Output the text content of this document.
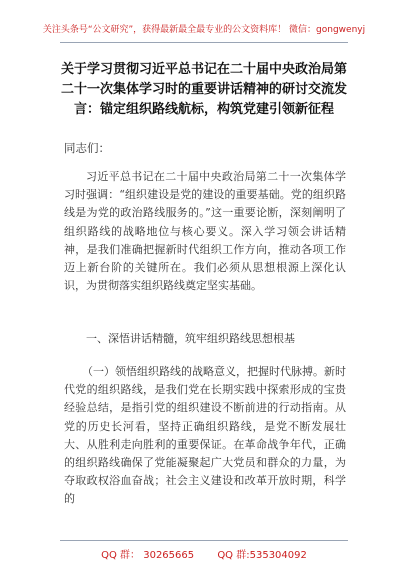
关注头条号“公文研究”，获得最新最全最专业的公文资料库！ 微信：gongwenyj
关于学习贯彻习近平总书记在二十届中央政治局第二十一次集体学习时的重要讲话精神的研讨交流发言：锚定组织路线航标，构筑党建引领新征程
同志们：
习近平总书记在二十届中央政治局第二十一次集体学习时强调：“组织建设是党的建设的重要基础。党的组织路线是为党的政治路线服务的。”这一重要论断，深刻阐明了组织路线的战略地位与核心要义。深入学习领会讲话精神，是我们准确把握新时代组织工作方向，推动各项工作迈上新台阶的关键所在。我们必须从思想根源上深化认识，为贯彻落实组织路线奠定坚实基础。
一、深悟讲话精髓，筑牢组织路线思想根基
（一）领悟组织路线的战略意义，把握时代脉搏。新时代党的组织路线，是我们党在长期实践中探索形成的宝贵经验总结，是指引党的组织建设不断前进的行动指南。从党的历史长河看，坚持正确组织路线，是党不断发展壮大、从胜利走向胜利的重要保证。在革命战争年代，正确的组织路线确保了党能凝聚起广大党员和群众的力量，为夺取政权浴血奋战；社会主义建设和改革开放时期，科学的
QQ 群： 30265665 QQ 群:535304092
